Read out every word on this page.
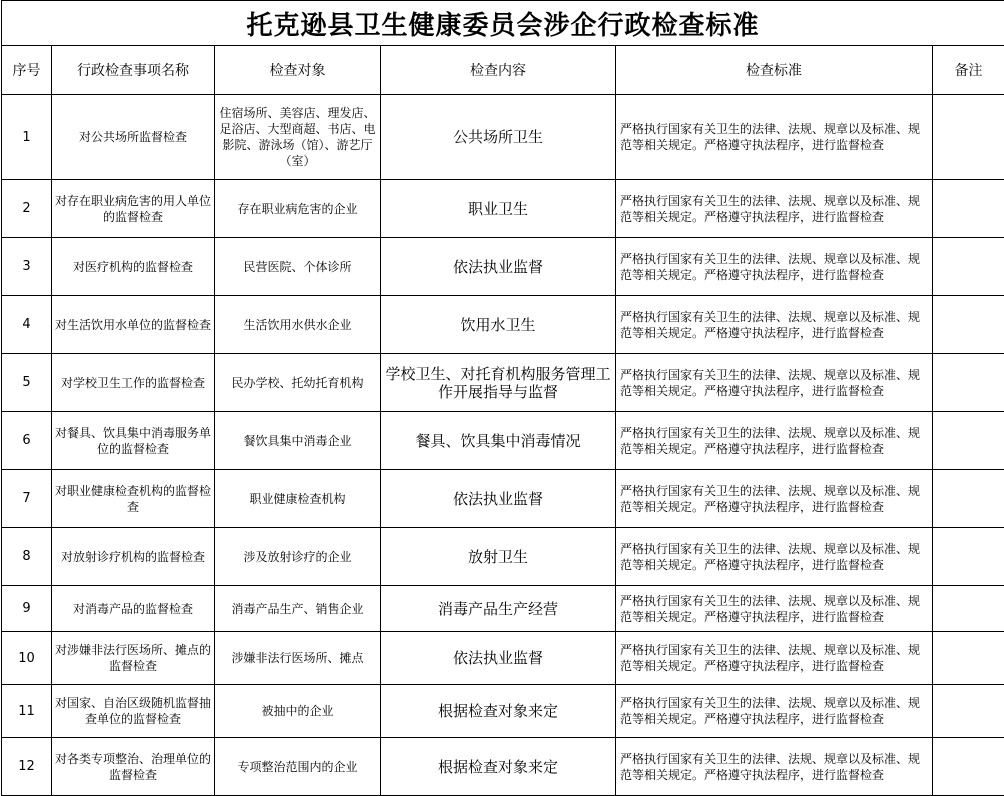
托克逊县卫生健康委员会涉企行政检查标准					
序号	行政检查事项名称	检查对象	检查内容	检查标准	备注
1	对公共场所监督检查	住宿场所、美容店、理发店、足浴店、大型商超、书店、电影院、游泳场（馆）、游艺厅（室）	公共场所卫生	严格执行国家有关卫生的法律、法规、规章以及标准、规范等相关规定。严格遵守执法程序，进行监督检查	
2	对存在职业病危害的用人单位的监督检查	存在职业病危害的企业	职业卫生	严格执行国家有关卫生的法律、法规、规章以及标准、规范等相关规定。严格遵守执法程序，进行监督检查	
3	对医疗机构的监督检查	民营医院、个体诊所	依法执业监督	严格执行国家有关卫生的法律、法规、规章以及标准、规范等相关规定。严格遵守执法程序，进行监督检查	
4	对生活饮用水单位的监督检查	生活饮用水供水企业	饮用水卫生	严格执行国家有关卫生的法律、法规、规章以及标准、规范等相关规定。严格遵守执法程序，进行监督检查	
5	对学校卫生工作的监督检查	民办学校、托幼托育机构	学校卫生、对托育机构服务管理工作开展指导与监督	严格执行国家有关卫生的法律、法规、规章以及标准、规范等相关规定。严格遵守执法程序，进行监督检查	
6	对餐具、饮具集中消毒服务单位的监督检查	餐饮具集中消毒企业	餐具、饮具集中消毒情况	严格执行国家有关卫生的法律、法规、规章以及标准、规范等相关规定。严格遵守执法程序，进行监督检查	
7	对职业健康检查机构的监督检查	职业健康检查机构	依法执业监督	严格执行国家有关卫生的法律、法规、规章以及标准、规范等相关规定。严格遵守执法程序，进行监督检查	
8	对放射诊疗机构的监督检查	涉及放射诊疗的企业	放射卫生	严格执行国家有关卫生的法律、法规、规章以及标准、规范等相关规定。严格遵守执法程序，进行监督检查	
9	对消毒产品的监督检查	消毒产品生产、销售企业	消毒产品生产经营	严格执行国家有关卫生的法律、法规、规章以及标准、规范等相关规定。严格遵守执法程序，进行监督检查	
10	对涉嫌非法行医场所、摊点的监督检查	涉嫌非法行医场所、摊点	依法执业监督	严格执行国家有关卫生的法律、法规、规章以及标准、规范等相关规定。严格遵守执法程序，进行监督检查	
11	对国家、自治区级随机监督抽查单位的监督检查	被抽中的企业	根据检查对象来定	严格执行国家有关卫生的法律、法规、规章以及标准、规范等相关规定。严格遵守执法程序，进行监督检查	
12	对各类专项整治、治理单位的监督检查	专项整治范围内的企业	根据检查对象来定	严格执行国家有关卫生的法律、法规、规章以及标准、规范等相关规定。严格遵守执法程序，进行监督检查	
